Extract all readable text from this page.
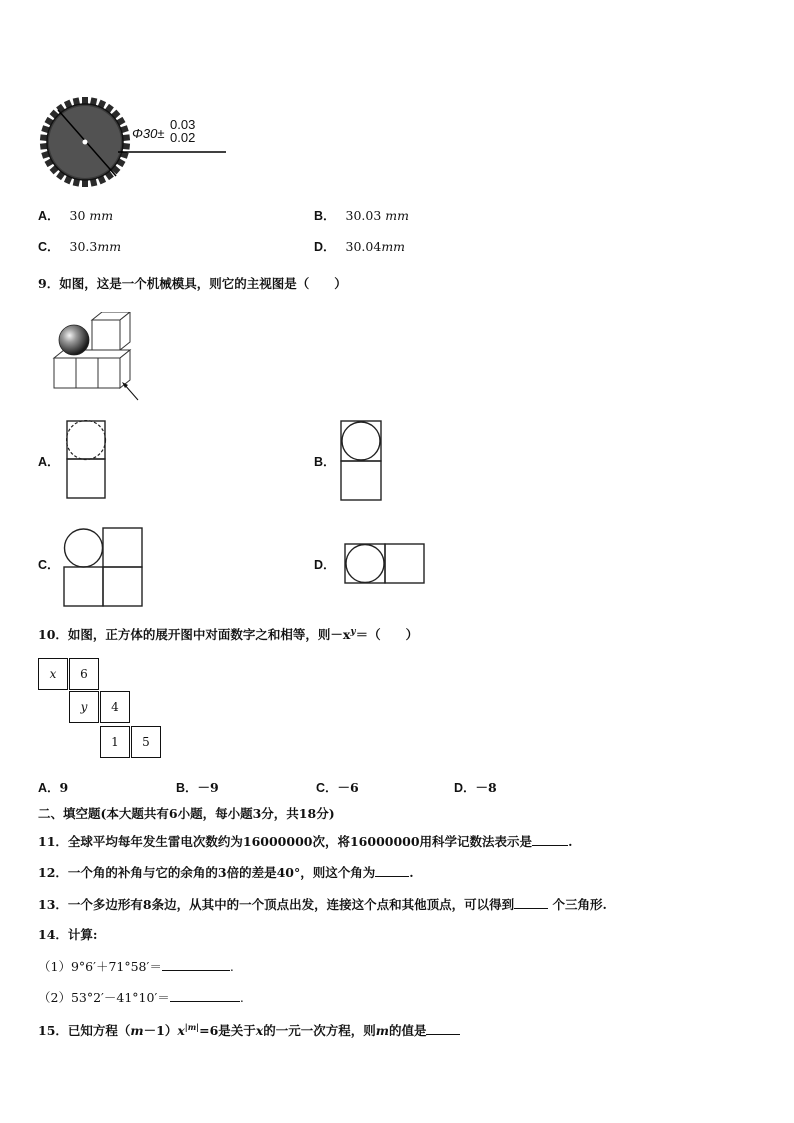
Φ30±
0.03
0.02
A． 30 mm	B． 30.03 mm
C． 30.3mm	D． 30.04mm
9．如图，这是一个机械模具，则它的主视图是（　　）
A．	B．
C．	D．
10．如图，正方体的展开图中对面数字之和相等，则$-x^y=$（　　）
x	6
y	4
1	5
A．9	B．－9	C．－6	D．－8
二、填空题(本大题共有6小题，每小题3分，共18分)
11．全球平均每年发生雷电次数约为16000000次，将16000000用科学记数法表示是	.
12．一个角的补角与它的余角的3倍的差是40°，则这个角为	.
13．一个多边形有8条边，从其中的一个顶点出发，连接这个点和其他顶点，可以得到	个三角形.
14．计算:
（1）9°6′＋71°58′＝	.
（2）53°2′－41°10′＝	.
15．已知方程$(m-1)x^{|m|}=6$是关于x的一元一次方程，则m的值是
